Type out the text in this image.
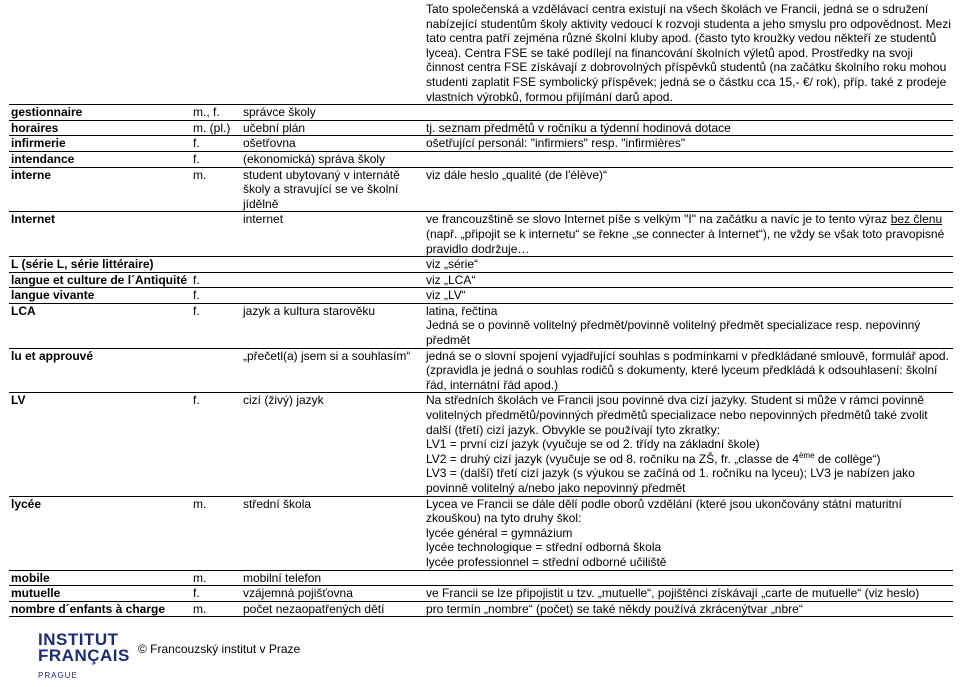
			Tato společenská a vzdělávací centra existují na všech školách ve Francii, jedná se o sdružení nabízející studentům školy aktivity vedoucí k rozvoji studenta a jeho smyslu pro odpovědnost. Mezi tato centra patří zejména různé školní kluby apod. (často tyto kroužky vedou někteří ze studentů lycea). Centra FSE se také podílejí na financování školních výletů apod. Prostředky na svoji činnost centra FSE získávají z dobrovolných příspěvků studentů (na začátku školního roku mohou studenti zaplatit FSE symbolický příspěvek; jedná se o částku cca 15,- €/ rok), příp. také z prodeje vlastních výrobků, formou přijímání darů apod.
gestionnaire	m., f.	správce školy	
horaires	m. (pl.)	učební plán	tj. seznam předmětů v ročníku a týdenní hodinová dotace
infirmerie	f.	ošetřovna	ošetřující personál: "infirmiers" resp. "infirmières"
intendance	f.	(ekonomická) správa školy	
interne	m.	student ubytovaný v internátě školy a stravující se ve školní jídělně	viz dále heslo „qualité (de l'élève)“
Internet		internet	ve francouzštině se slovo Internet píše s velkým "I" na začátku a navíc je to tento výraz bez členu (např. „připojit se k internetu“ se řekne „se connecter à Internet“), ne vždy se však toto pravopisné pravidlo dodržuje…
L (série L, série littéraire)			viz „série“
langue et culture de l´Antiquité	f.		viz „LCA“
langue vivante	f.		viz „LV“
LCA	f.	jazyk a kultura starověku	latina, řečtina
Jedná se o povinně volitelný předmět/povinně volitelný předmět specializace resp. nepovinný předmět

lu et approuvé		„přečetl(a) jsem si a souhlasím“	jedná se o slovní spojení vyjadřující souhlas s podmínkami v předkládané smlouvě, formulář apod. (zpravidla je jedná o souhlas rodičů s dokumenty, které lyceum předkládá k odsouhlasení: školní řád, internátní řád apod.)
LV	f.	cizí (živý) jazyk	Na středních školách ve Francii jsou povinné dva cizí jazyky. Student si může v rámci povinně volitelných předmětů/povinných předmětů specializace nebo nepovinných předmětů také zvolit další (třetí) cizí jazyk. Obvykle se používají tyto zkratky:
LV1 = první cizí jazyk (vyučuje se od 2. třídy na základní škole)
LV2 = druhý cizí jazyk (vyučuje se od 8. ročníku na ZŠ, fr. „classe de 4ème de collège“)
LV3 = (další) třetí cizí jazyk (s výukou se začíná od 1. ročníku na lyceu); LV3 je nabízen jako povinně volitelný a/nebo jako nepovinný předmět

lycée	m.	střední škola	Lycea ve Francii se dále dělí podle oborů vzdělání (které jsou ukončovány státní maturitní zkouškou) na tyto druhy škol:
lycée général = gymnázium
lycée technologique = střední odborná škola
lycée professionnel = střední odborné učiliště

mobile	m.	mobilní telefon	
mutuelle	f.	vzájemná pojišťovna	ve Francii se lze připojistit u tzv. „mutuelle“, pojištěnci získávají „carte de mutuelle“ (viz heslo)
nombre d´enfants à charge	m.	počet nezaopatřených dětí	pro termín „nombre“ (počet) se také někdy používá zkrácenýtvar „nbre“
INSTITUT
FRANÇAIS
PRAGUE
© Francouzský institut v Praze
